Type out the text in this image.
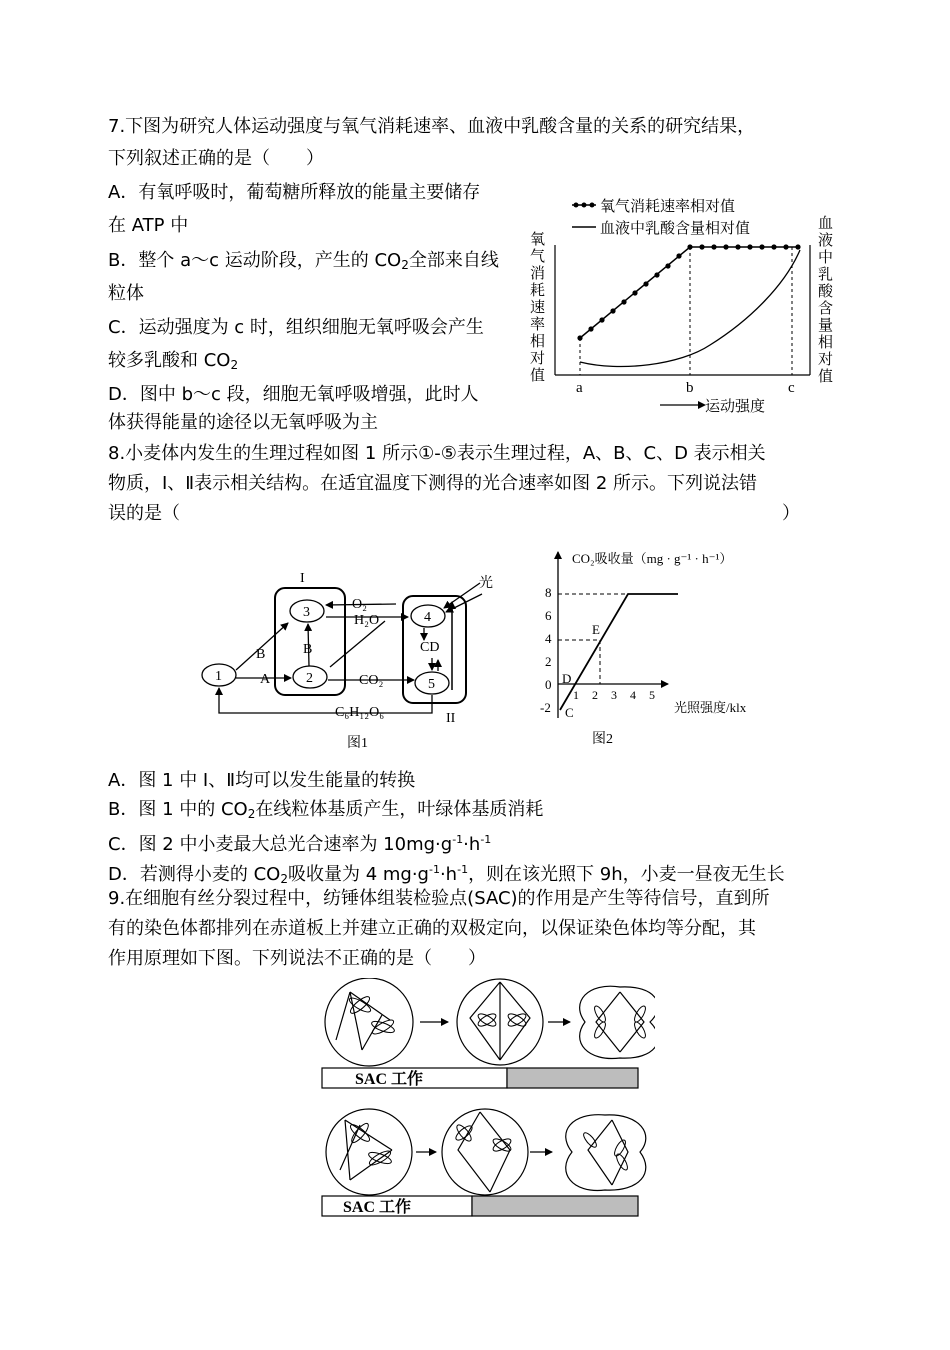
7.下图为研究人体运动强度与氧气消耗速率、血液中乳酸含量的关系的研究结果，
下列叙述正确的是（　　）
A．有氧呼吸时，葡萄糖所释放的能量主要储存
在 ATP 中
B．整个 a～c 运动阶段，产生的 $CO_2$全部来自线
粒体
C．运动强度为 c 时，组织细胞无氧呼吸会产生
较多乳酸和 $CO_2$
D．图中 b～c 段，细胞无氧呼吸增强，此时人
体获得能量的途径以无氧呼吸为主
氧气消耗速率相对值
血液中乳酸含量相对值
a	b	c
运动强度
氧
气
消
耗
速
率
相
对
值
血
液
中
乳
酸
含
量
相
对
值
8.小麦体内发生的生理过程如图 1 所示①-⑤表示生理过程，A、B、C、D 表示相关
物质，I、Ⅱ表示相关结构。在适宜温度下测得的光合速率如图 2 所示。下列说法错
误的是（	）
I
II
光
1	2
3	4
5
B	B
A
O₂
H₂O
CO₂
CD
C₆H₁₂O₆
图1
CO₂吸收量（mg · g⁻¹ · h⁻¹）
8
6
4
2
0
-2
1 2 3 4 5
光照强度/klx
E
D
C
图2
A．图 1 中 I、Ⅱ均可以发生能量的转换
B．图 1 中的 $CO_2$在线粒体基质产生，叶绿体基质消耗
C．图 2 中小麦最大总光合速率为 $10mg\cdot g^{-1}\cdot h^{-1}$
D．若测得小麦的 $CO_2$吸收量为 4 $mg\cdot g^{-1}\cdot h^{-1}$，则在该光照下 9h，小麦一昼夜无生长
9.在细胞有丝分裂过程中，纺锤体组装检验点(SAC)的作用是产生等待信号，直到所
有的染色体都排列在赤道板上并建立正确的双极定向，以保证染色体均等分配，其
作用原理如下图。下列说法不正确的是（　　）
SAC 工作
SAC 工作
